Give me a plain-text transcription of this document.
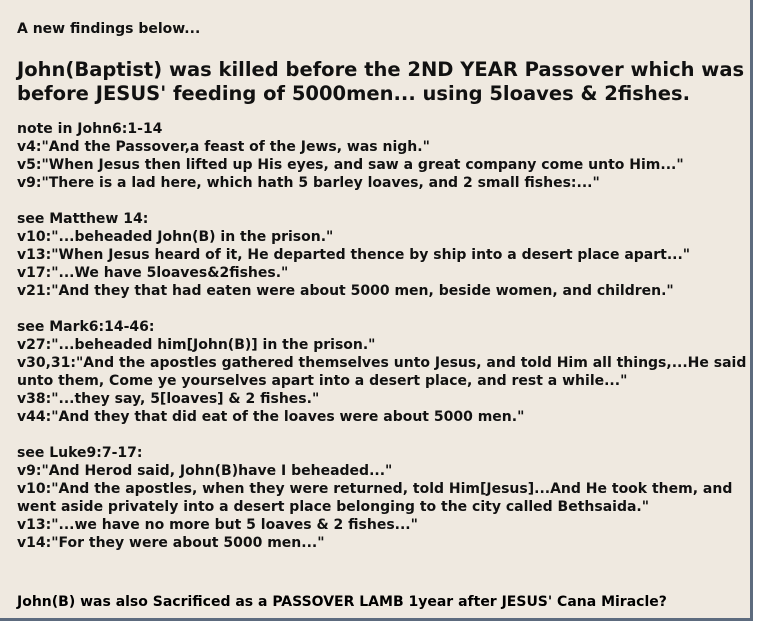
A new findings below...

John(Baptist) was killed before the 2ND YEAR Passover which was before JESUS' feeding of 5000men... using 5loaves & 2fishes.

note in John6:1-14

v4:"And the Passover,a feast of the Jews, was nigh."

v5:"When Jesus then lifted up His eyes, and saw a great company come unto Him..."

v9:"There is a lad here, which hath 5 barley loaves, and 2 small fishes:..."

see Matthew 14:

v10:"...beheaded John(B) in the prison."

v13:"When Jesus heard of it, He departed thence by ship into a desert place apart..."

v17:"...We have 5loaves&2fishes."

v21:"And they that had eaten were about 5000 men, beside women, and children."

see Mark6:14-46:

v27:"...beheaded him[John(B)] in the prison."

v30,31:"And the apostles gathered themselves unto Jesus, and told Him all things,...He said unto them, Come ye yourselves apart into a desert place, and rest a while..."

v38:"...they say, 5[loaves] & 2 fishes."

v44:"And they that did eat of the loaves were about 5000 men."

see Luke9:7-17:

v9:"And Herod said, John(B)have I beheaded..."

v10:"And the apostles, when they were returned, told Him[Jesus]...And He took them, and went aside privately into a desert place belonging to the city called Bethsaida."

v13:"...we have no more but 5 loaves & 2 fishes..."

v14:"For they were about 5000 men..."

John(B) was also Sacrificed as a PASSOVER LAMB 1year after JESUS' Cana Miracle?
